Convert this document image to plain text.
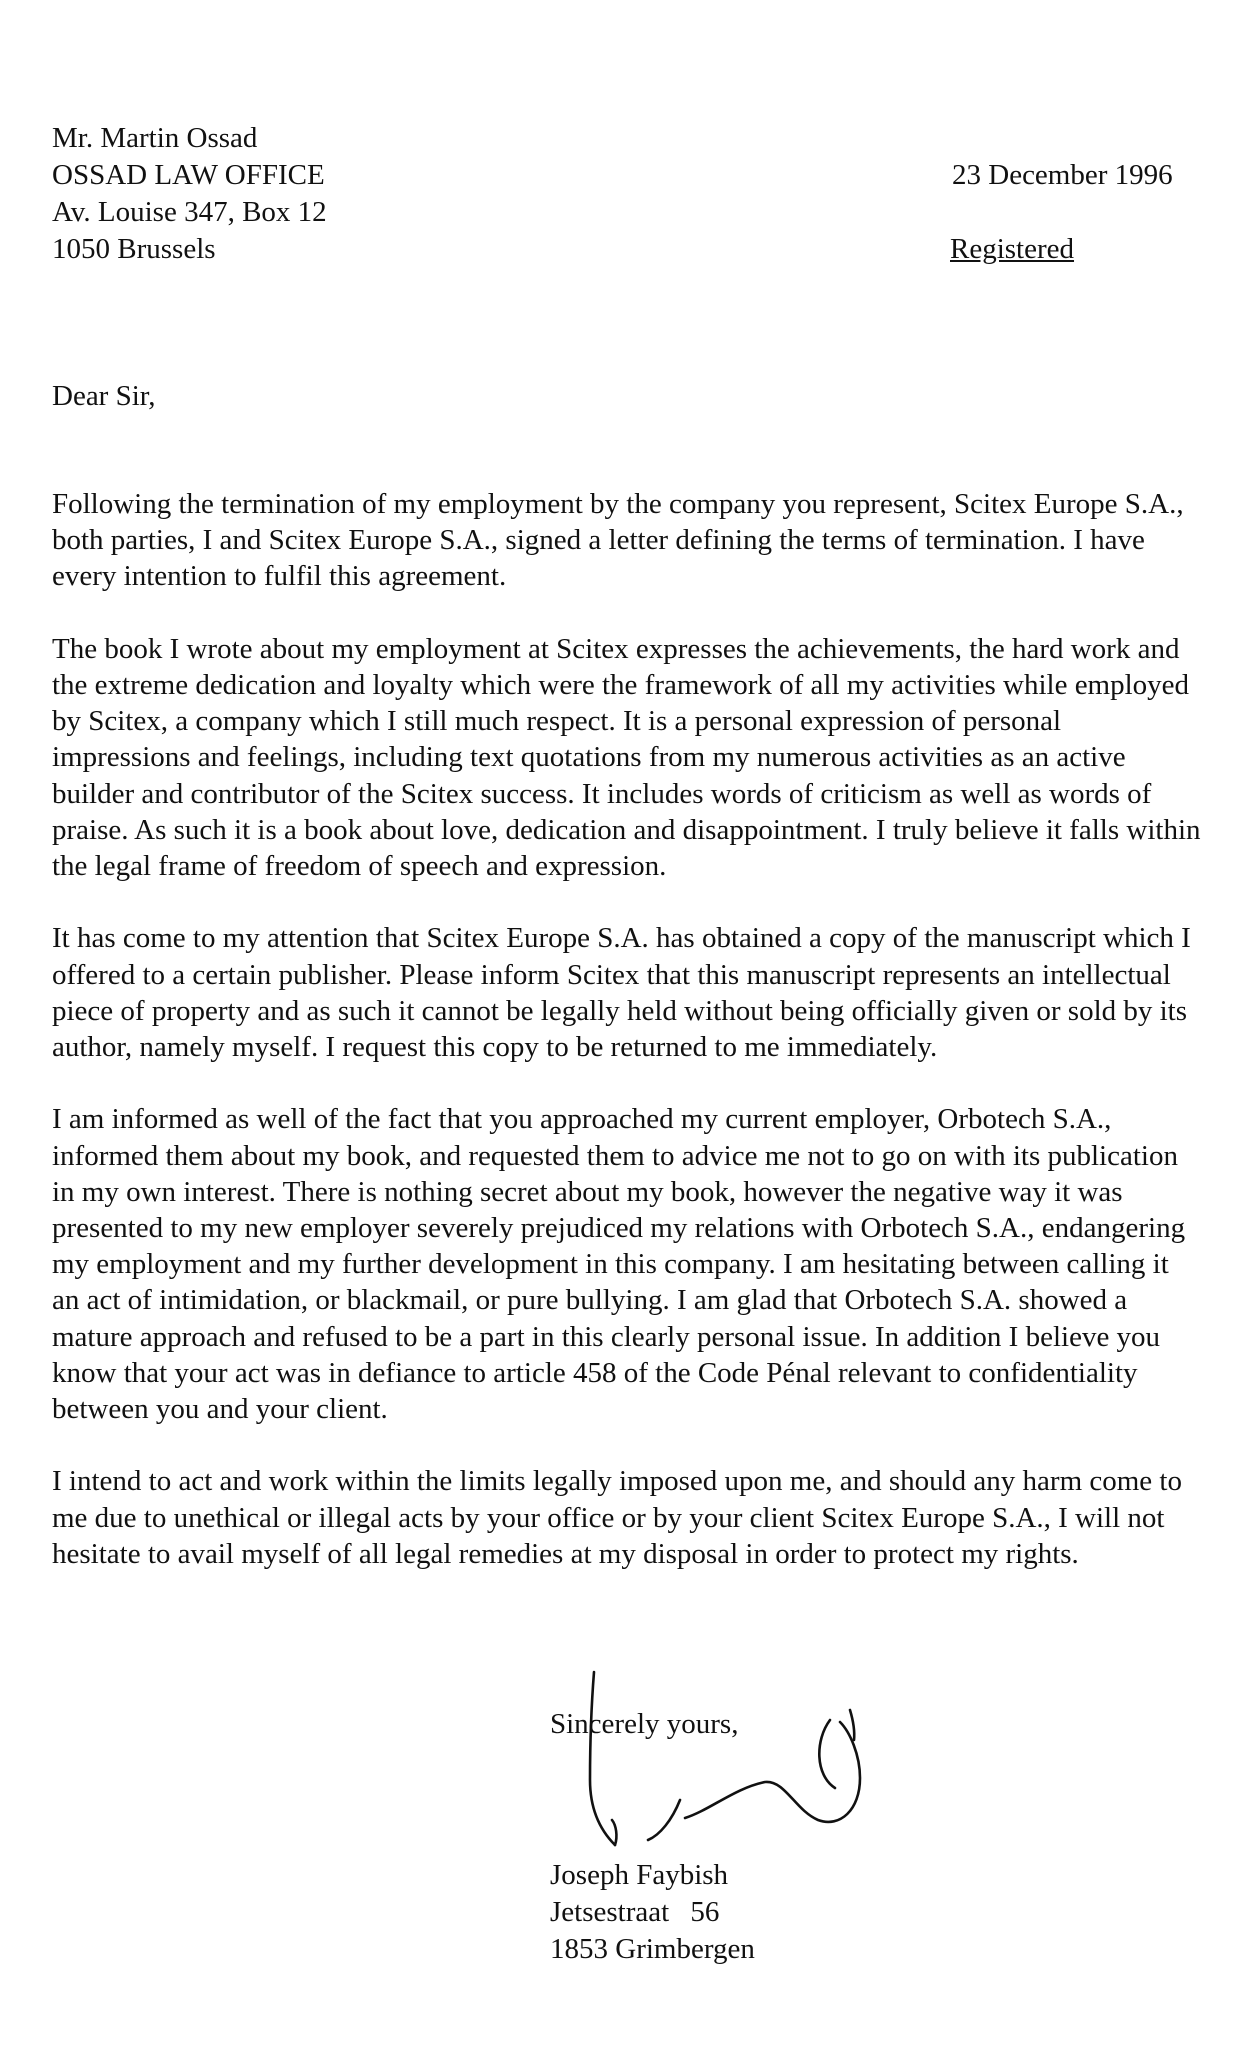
Mr. Martin Ossad
OSSAD LAW OFFICE
Av. Louise 347, Box 12
1050 Brussels
23 December 1996
Registered
Dear Sir,

Following the termination of my employment by the company you represent, Scitex Europe S.A., both parties, I and Scitex Europe S.A., signed a letter defining the terms of termination. I have every intention to fulfil this agreement.

The book I wrote about my employment at Scitex expresses the achievements, the hard work and the extreme dedication and loyalty which were the framework of all my activities while employed by Scitex, a company which I still much respect. It is a personal expression of personal impressions and feelings, including text quotations from my numerous activities as an active builder and contributor of the Scitex success. It includes words of criticism as well as words of praise. As such it is a book about love, dedication and disappointment. I truly believe it falls within the legal frame of freedom of speech and expression.

It has come to my attention that Scitex Europe S.A. has obtained a copy of the manuscript which I offered to a certain publisher. Please inform Scitex that this manuscript represents an intellectual piece of property and as such it cannot be legally held without being officially given or sold by its author, namely myself. I request this copy to be returned to me immediately.

I am informed as well of the fact that you approached my current employer, Orbotech S.A., informed them about my book, and requested them to advice me not to go on with its publication in my own interest. There is nothing secret about my book, however the negative way it was presented to my new employer severely prejudiced my relations with Orbotech S.A., endangering my employment and my further development in this company. I am hesitating between calling it an act of intimidation, or blackmail, or pure bullying. I am glad that Orbotech S.A. showed a mature approach and refused to be a part in this clearly personal issue. In addition I believe you know that your act was in defiance to article 458 of the Code Pénal relevant to confidentiality between you and your client.

I intend to act and work within the limits legally imposed upon me, and should any harm come to me due to unethical or illegal acts by your office or by your client Scitex Europe S.A., I will not hesitate to avail myself of all legal remedies at my disposal in order to protect my rights.

Sincerely yours,
Joseph Faybish
Jetsestraat 56
1853 Grimbergen
